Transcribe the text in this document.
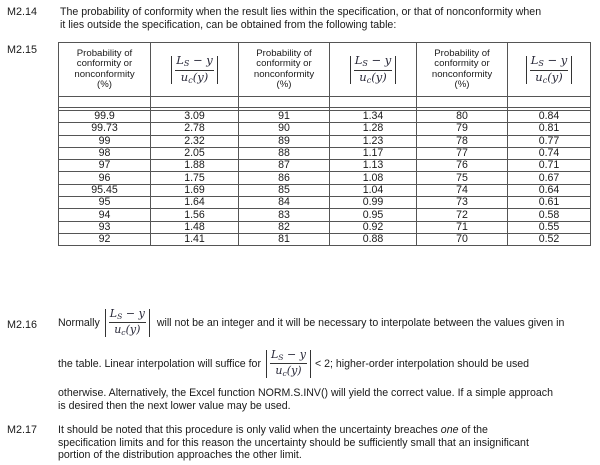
M2.14 The probability of conformity when the result lies within the specification, or that of nonconformity when
it lies outside the specification, can be obtained from the following table:
M2.15	Probability of
conformity or
nonconformity
(%)	$\frac{L_S - y}{u_c(y)}$	Probability of
conformity or
nonconformity
(%)	$\frac{L_S - y}{u_c(y)}$	Probability of
conformity or
nonconformity
(%)	$\frac{L_S - y}{u_c(y)}$

99.9	3.09	91	1.34	80	0.84
99.73	2.78	90	1.28	79	0.81
99	2.32	89	1.23	78	0.77
98	2.05	88	1.17	77	0.74
97	1.88	87	1.13	76	0.71
96	1.75	86	1.08	75	0.67
95.45	1.69	85	1.04	74	0.64
95	1.64	84	0.99	73	0.61
94	1.56	83	0.95	72	0.58
93	1.48	82	0.92	71	0.55
92	1.41	81	0.88	70	0.52
M2.16 Normally $\frac{L_S - y}{u_c(y)}$ will not be an integer and it will be necessary to interpolate between the values given in
the table. Linear interpolation will suffice for $\frac{L_S - y}{u_c(y)} < 2$; higher-order interpolation should be used
otherwise. Alternatively, the Excel function NORM.S.INV() will yield the correct value. If a simple approach
is desired then the next lower value may be used.
M2.17 It should be noted that this procedure is only valid when the uncertainty breaches one of the
specification limits and for this reason the uncertainty should be sufficiently small that an insignificant
portion of the distribution approaches the other limit.
